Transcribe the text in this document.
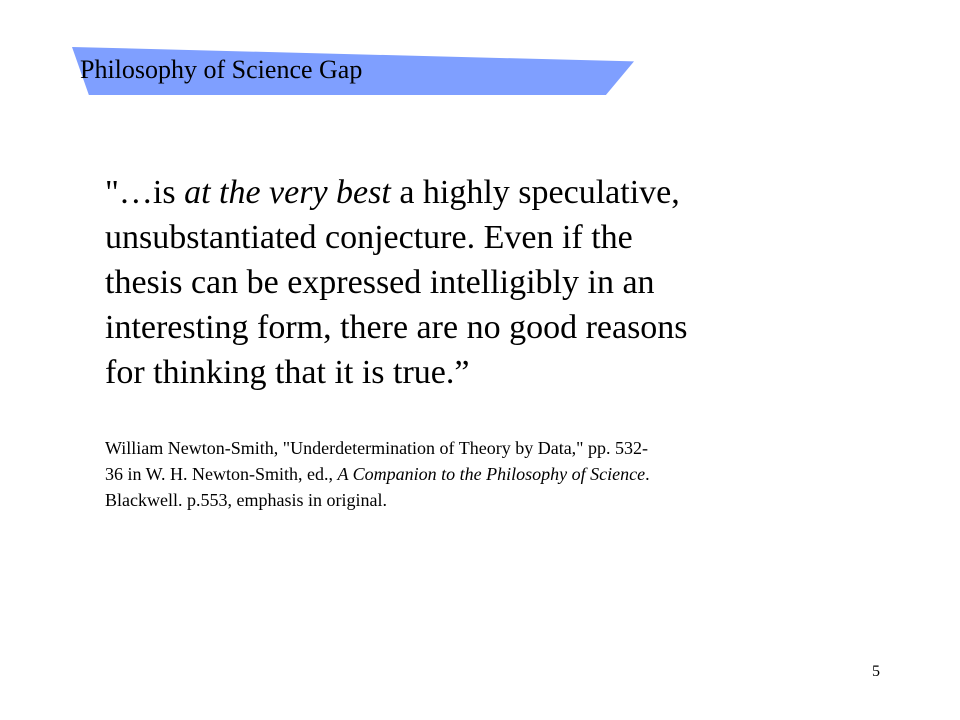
Philosophy of Science Gap
"…is at the very best a highly speculative,
unsubstantiated conjecture. Even if the
thesis can be expressed intelligibly in an
interesting form, there are no good reasons
for thinking that it is true.”
William Newton-Smith, "Underdetermination of Theory by Data," pp. 532-
36 in W. H. Newton-Smith, ed., A Companion to the Philosophy of Science.
Blackwell. p.553, emphasis in original.
5
